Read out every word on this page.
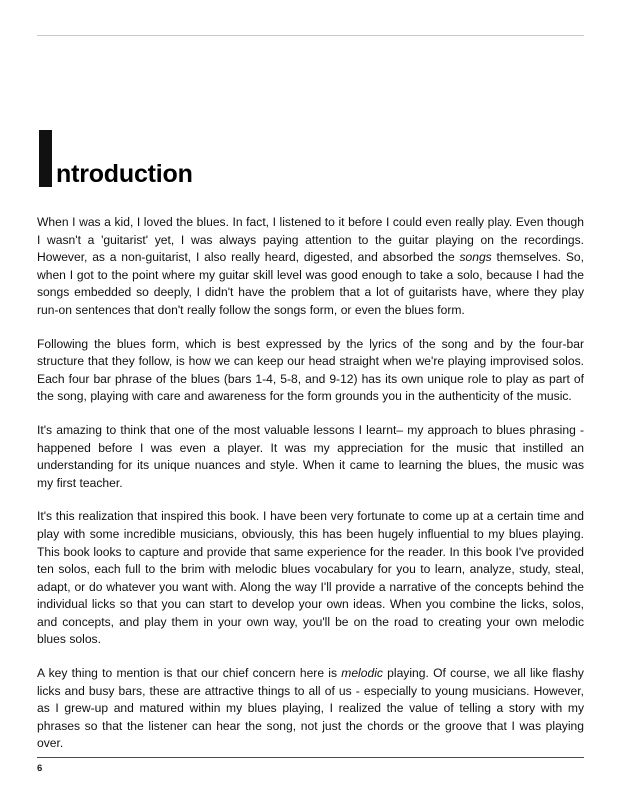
ntroduction

When I was a kid, I loved the blues. In fact, I listened to it before I could even really play. Even though I wasn't a 'guitarist' yet, I was always paying attention to the guitar playing on the recordings. However, as a non-guitarist, I also really heard, digested, and absorbed the songs themselves. So, when I got to the point where my guitar skill level was good enough to take a solo, because I had the songs embedded so deeply, I didn't have the problem that a lot of guitarists have, where they play run-on sentences that don't really follow the songs form, or even the blues form.

Following the blues form, which is best expressed by the lyrics of the song and by the four-bar structure that they follow, is how we can keep our head straight when we're playing improvised solos. Each four bar phrase of the blues (bars 1-4, 5-8, and 9-12) has its own unique role to play as part of the song, playing with care and awareness for the form grounds you in the authenticity of the music.

It's amazing to think that one of the most valuable lessons I learnt– my approach to blues phrasing - happened before I was even a player. It was my appreciation for the music that instilled an understanding for its unique nuances and style. When it came to learning the blues, the music was my first teacher.

It's this realization that inspired this book. I have been very fortunate to come up at a certain time and play with some incredible musicians, obviously, this has been hugely influential to my blues playing. This book looks to capture and provide that same experience for the reader. In this book I've provided ten solos, each full to the brim with melodic blues vocabulary for you to learn, analyze, study, steal, adapt, or do whatever you want with. Along the way I'll provide a narrative of the concepts behind the individual licks so that you can start to develop your own ideas. When you combine the licks, solos, and concepts, and play them in your own way, you'll be on the road to creating your own melodic blues solos.

A key thing to mention is that our chief concern here is melodic playing. Of course, we all like flashy licks and busy bars, these are attractive things to all of us - especially to young musicians. However, as I grew-up and matured within my blues playing, I realized the value of telling a story with my phrases so that the listener can hear the song, not just the chords or the groove that I was playing over.

6
